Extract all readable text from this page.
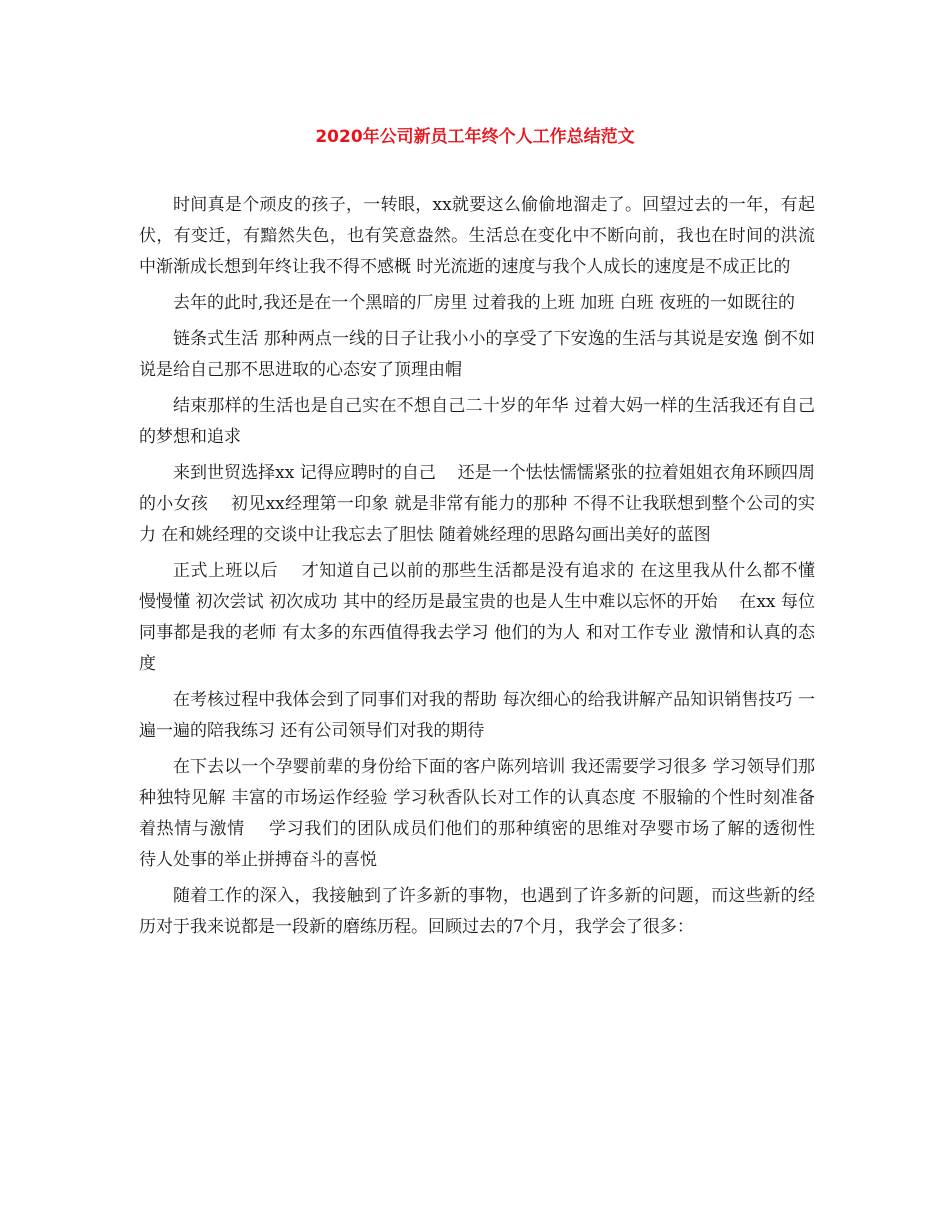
2020年公司新员工年终个人工作总结范文

时间真是个顽皮的孩子，一转眼，xx就要这么偷偷地溜走了。回望过去的一年，有起伏，有变迁，有黯然失色，也有笑意盎然。生活总在变化中不断向前，我也在时间的洪流中渐渐成长想到年终让我不得不感概 时光流逝的速度与我个人成长的速度是不成正比的

去年的此时,我还是在一个黑暗的厂房里 过着我的上班 加班 白班 夜班的一如既往的

链条式生活 那种两点一线的日子让我小小的享受了下安逸的生活与其说是安逸 倒不如说是给自己那不思进取的心态安了顶理由帽

结束那样的生活也是自己实在不想自己二十岁的年华 过着大妈一样的生活我还有自己的梦想和追求

来到世贸选择xx 记得应聘时的自己    还是一个怯怯懦懦紧张的拉着姐姐衣角环顾四周的小女孩    初见xx经理第一印象 就是非常有能力的那种 不得不让我联想到整个公司的实力 在和姚经理的交谈中让我忘去了胆怯 随着姚经理的思路勾画出美好的蓝图

正式上班以后    才知道自己以前的那些生活都是没有追求的 在这里我从什么都不懂 慢慢懂 初次尝试 初次成功 其中的经历是最宝贵的也是人生中难以忘怀的开始    在xx 每位同事都是我的老师 有太多的东西值得我去学习 他们的为人 和对工作专业 激情和认真的态度

在考核过程中我体会到了同事们对我的帮助 每次细心的给我讲解产品知识销售技巧 一遍一遍的陪我练习 还有公司领导们对我的期待

在下去以一个孕婴前辈的身份给下面的客户陈列培训 我还需要学习很多 学习领导们那种独特见解 丰富的市场运作经验 学习秋香队长对工作的认真态度 不服输的个性时刻准备着热情与激情    学习我们的团队成员们他们的那种缜密的思维对孕婴市场了解的透彻性    待人处事的举止拼搏奋斗的喜悦

随着工作的深入，我接触到了许多新的事物，也遇到了许多新的问题，而这些新的经历对于我来说都是一段新的磨练历程。回顾过去的7个月，我学会了很多：
